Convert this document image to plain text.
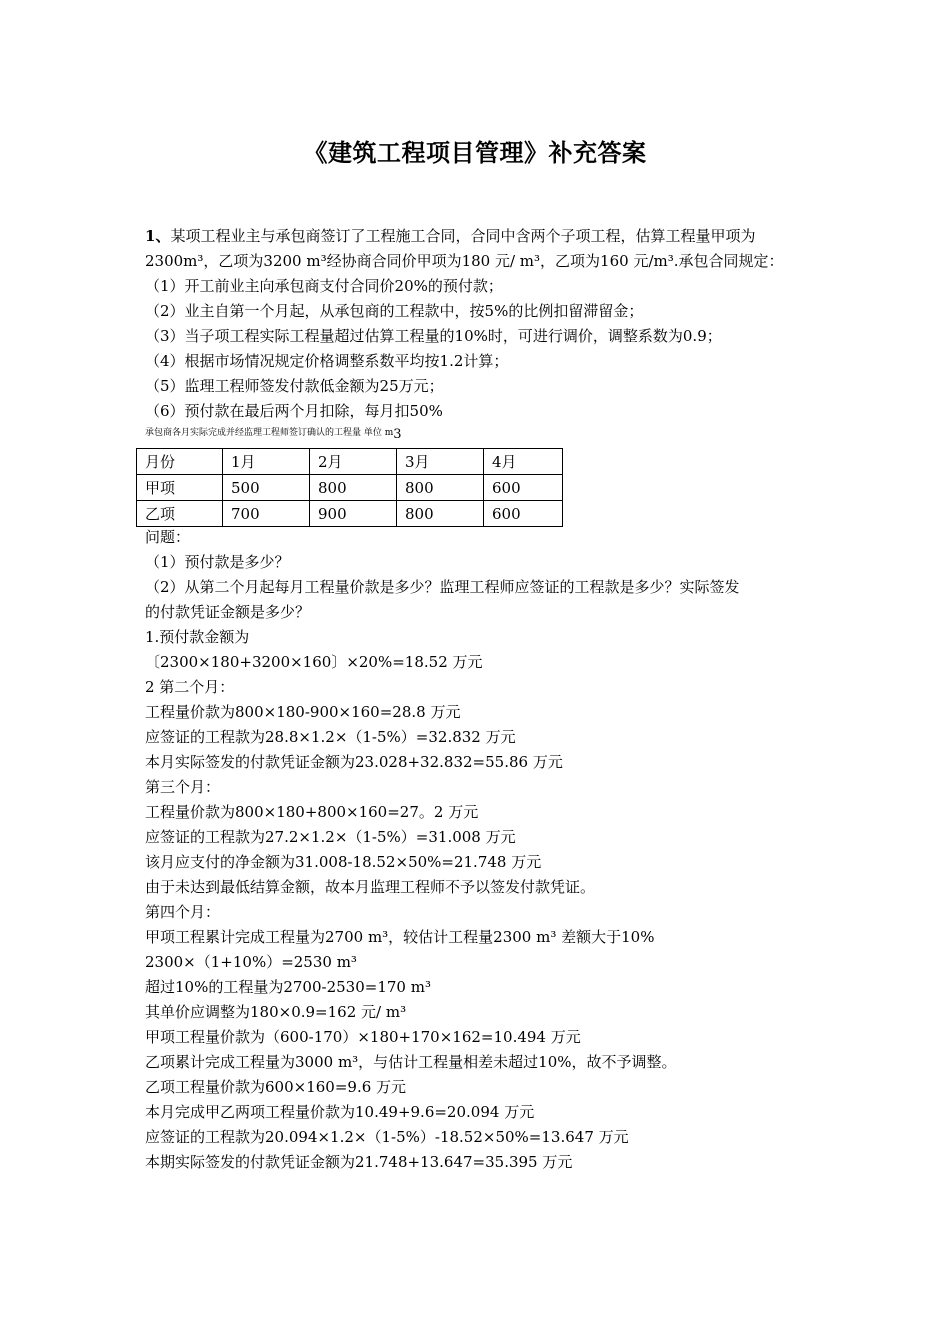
《建筑工程项目管理》补充答案
1、某项工程业主与承包商签订了工程施工合同，合同中含两个子项工程，估算工程量甲项为
2300m³，乙项为3200 m³经协商合同价甲项为180 元/ m³，乙项为160 元/m³.承包合同规定：
（1）开工前业主向承包商支付合同价20%的预付款；
（2）业主自第一个月起，从承包商的工程款中，按5%的比例扣留滞留金；
（3）当子项工程实际工程量超过估算工程量的10%时，可进行调价，调整系数为0.9；
（4）根据市场情况规定价格调整系数平均按1.2计算；
（5）监理工程师签发付款低金额为25万元；
（6）预付款在最后两个月扣除，每月扣50%
承包商各月实际完成并经监理工程师签订确认的工程量 单位 m3
月份	1月	2月	3月	4月
甲项	500	800	800	600
乙项	700	900	800	600
问题：
（1）预付款是多少？
（2）从第二个月起每月工程量价款是多少？监理工程师应签证的工程款是多少？实际签发
的付款凭证金额是多少？
1.预付款金额为
〔2300×180+3200×160〕×20%=18.52 万元
2 第二个月：
工程量价款为800×180-900×160=28.8 万元
应签证的工程款为28.8×1.2×（1-5%）=32.832 万元
本月实际签发的付款凭证金额为23.028+32.832=55.86 万元
第三个月：
工程量价款为800×180+800×160=27。2 万元
应签证的工程款为27.2×1.2×（1-5%）=31.008 万元
该月应支付的净金额为31.008-18.52×50%=21.748 万元
由于未达到最低结算金额，故本月监理工程师不予以签发付款凭证。
第四个月：
甲项工程累计完成工程量为2700 m³，较估计工程量2300 m³ 差额大于10%
2300×（1+10%）=2530 m³
超过10%的工程量为2700-2530=170 m³
其单价应调整为180×0.9=162 元/ m³
甲项工程量价款为（600-170）×180+170×162=10.494 万元
乙项累计完成工程量为3000 m³，与估计工程量相差未超过10%，故不予调整。
乙项工程量价款为600×160=9.6 万元
本月完成甲乙两项工程量价款为10.49+9.6=20.094 万元
应签证的工程款为20.094×1.2×（1-5%）-18.52×50%=13.647 万元
本期实际签发的付款凭证金额为21.748+13.647=35.395 万元
